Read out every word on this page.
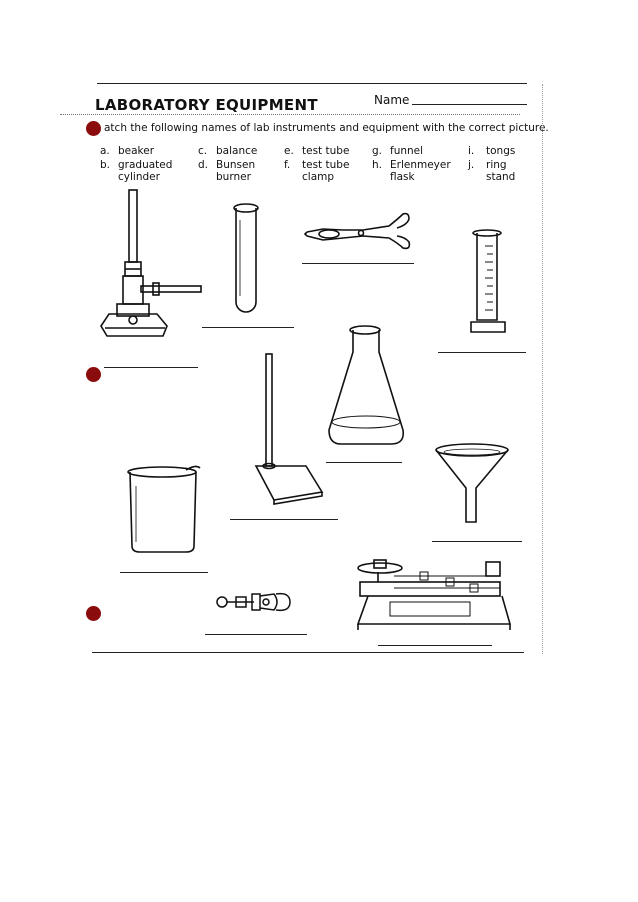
LABORATORY EQUIPMENT	Name
atch the following names of lab instruments and equipment with the correct picture.
a. beaker
b. graduated
cylinder
c. balance
d. Bunsen
burner
e. test tube
f. test tube
clamp
g. funnel
h. Erlenmeyer
flask
i. tongs
j. ring
stand
